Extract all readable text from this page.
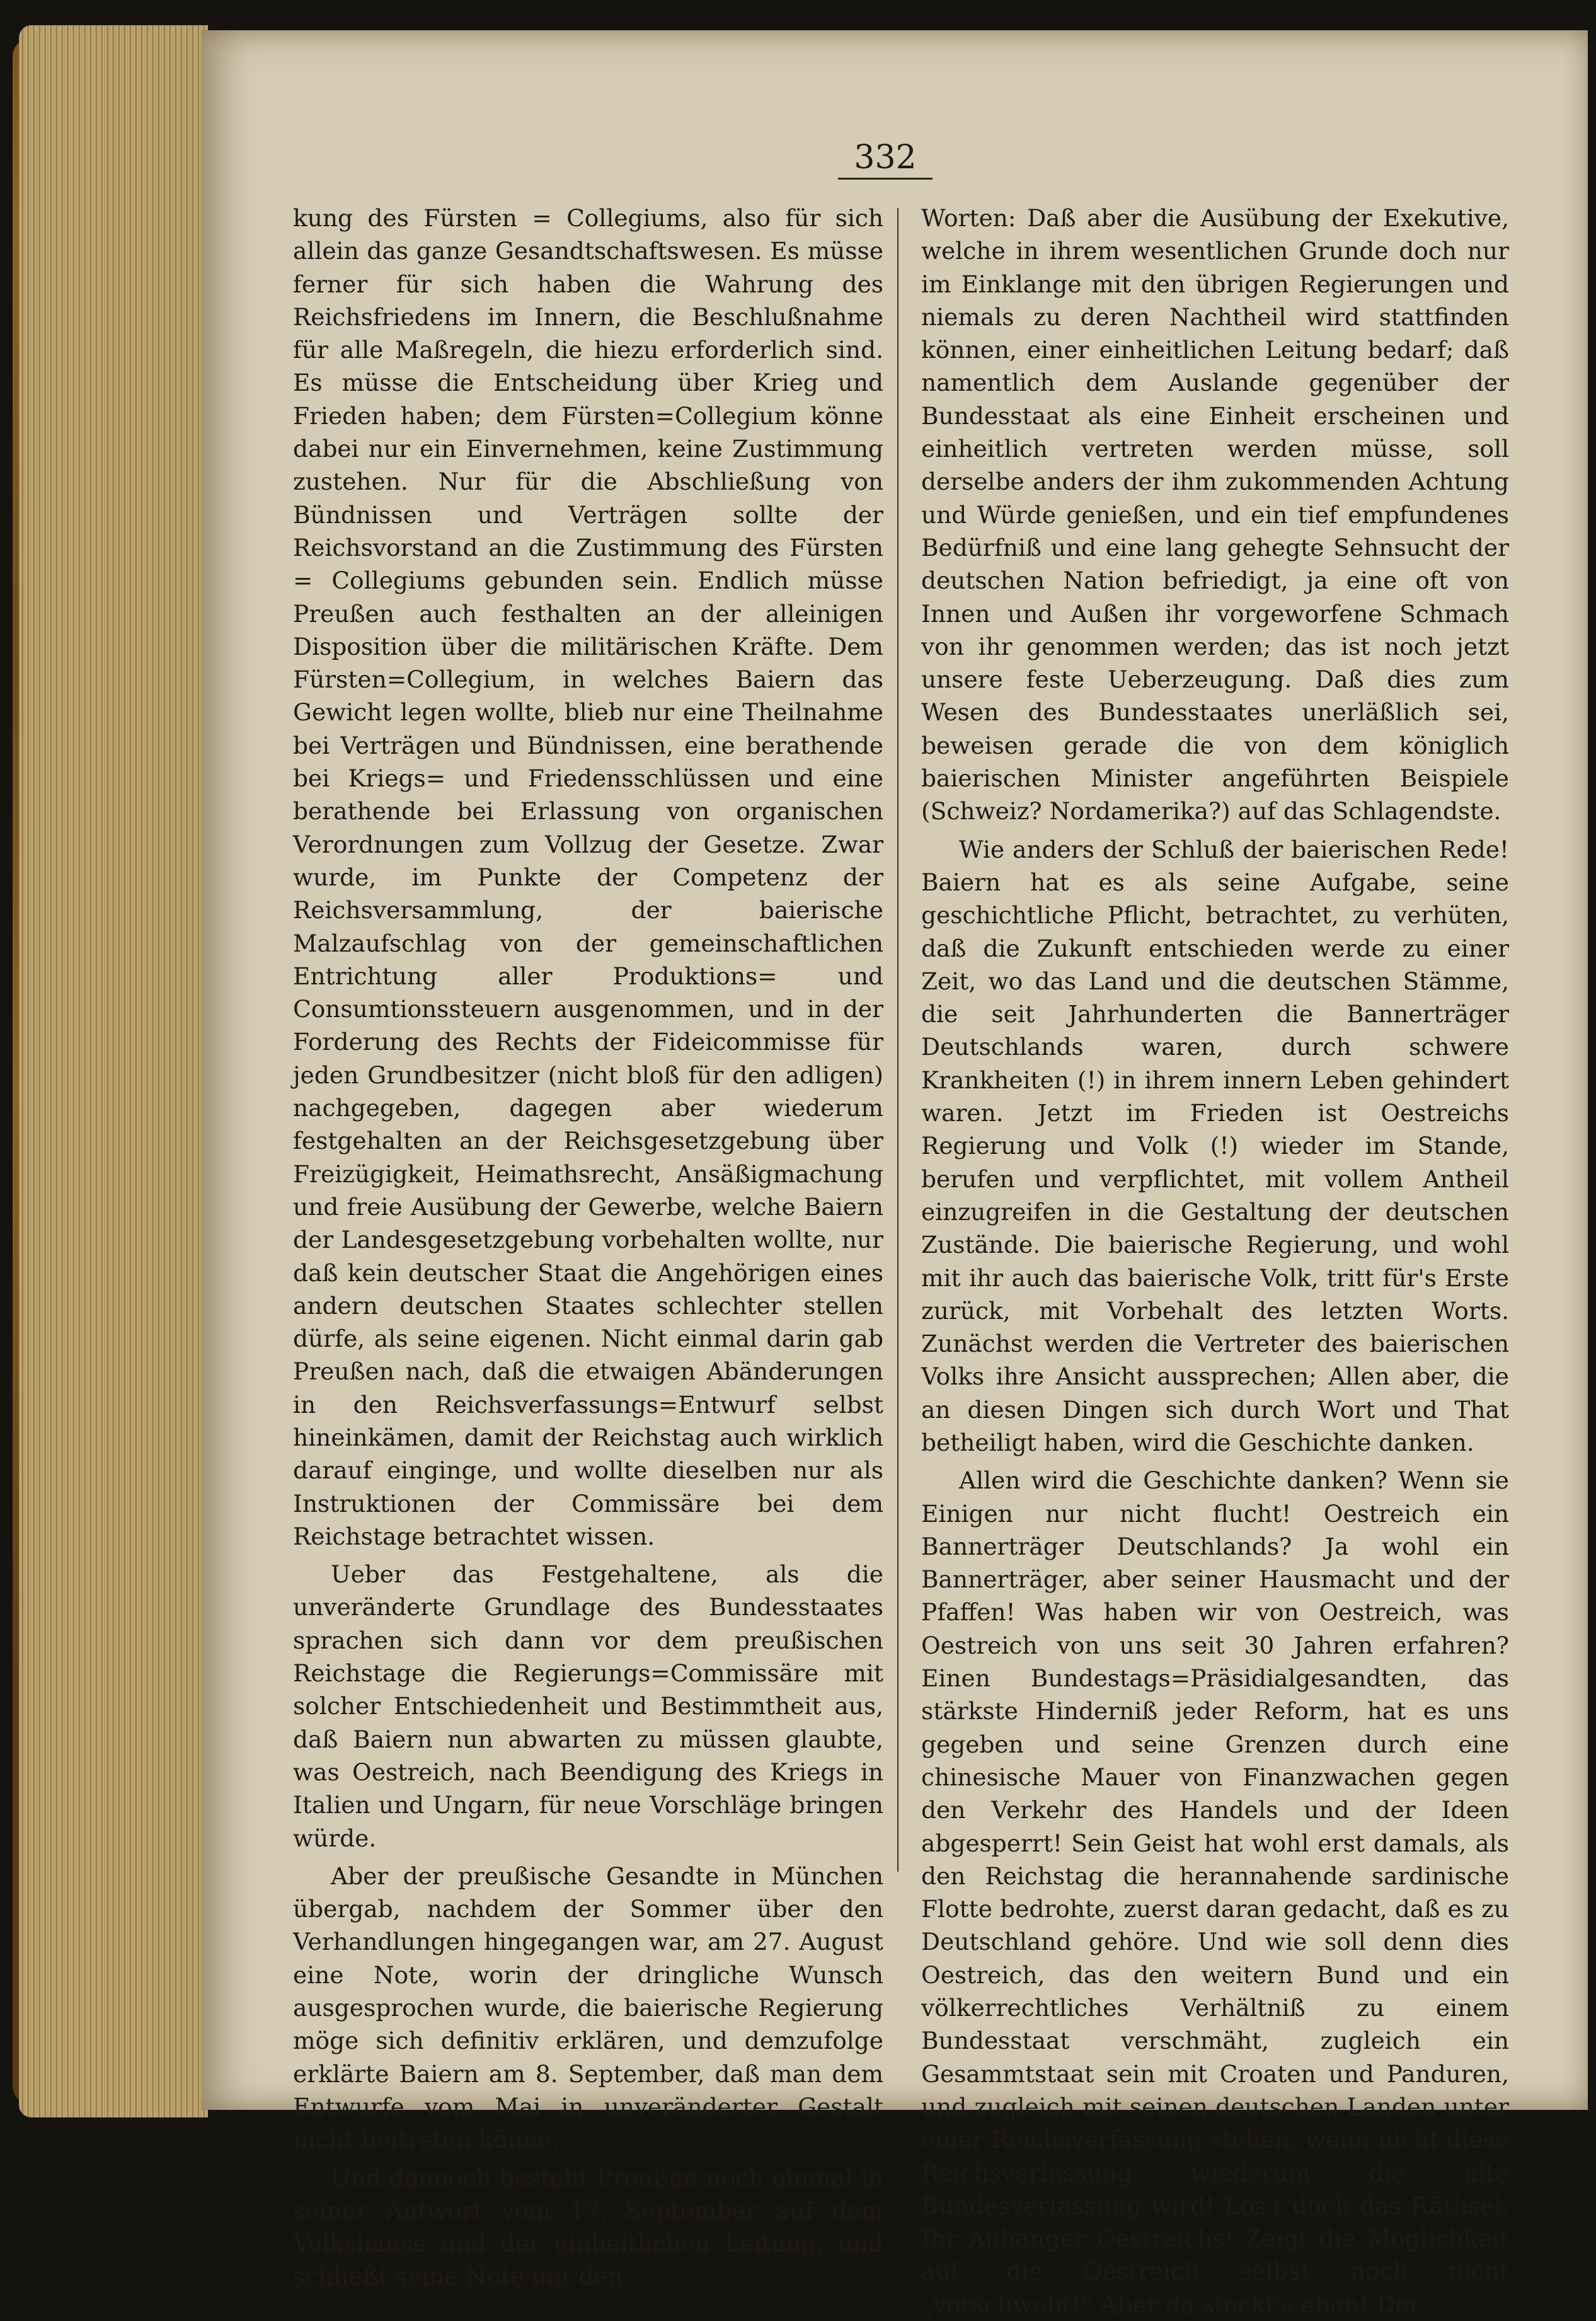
332

kung des Fürsten = Collegiums, also für sich allein das ganze Gesandtschaftswesen. Es müsse ferner für sich haben die Wahrung des Reichsfriedens im Innern, die Beschlußnahme für alle Maßregeln, die hiezu erforderlich sind. Es müsse die Entscheidung über Krieg und Frieden haben; dem Fürsten=Collegium könne dabei nur ein Einvernehmen, keine Zustimmung zustehen. Nur für die Abschließung von Bündnissen und Verträgen sollte der Reichsvorstand an die Zustimmung des Fürsten = Collegiums gebunden sein. Endlich müsse Preußen auch festhalten an der alleinigen Disposition über die militärischen Kräfte. Dem Fürsten=Collegium, in welches Baiern das Gewicht legen wollte, blieb nur eine Theilnahme bei Verträgen und Bündnissen, eine berathende bei Kriegs= und Friedensschlüssen und eine berathende bei Erlassung von organischen Verordnungen zum Vollzug der Gesetze. Zwar wurde, im Punkte der Competenz der Reichsversammlung, der baierische Malzaufschlag von der gemeinschaftlichen Entrichtung aller Produktions= und Consumtionssteuern ausgenommen, und in der Forderung des Rechts der Fideicommisse für jeden Grundbesitzer (nicht bloß für den adligen) nachgegeben, dagegen aber wiederum festgehalten an der Reichsgesetzgebung über Freizügigkeit, Heimathsrecht, Ansäßigmachung und freie Ausübung der Gewerbe, welche Baiern der Landesgesetzgebung vorbehalten wollte, nur daß kein deutscher Staat die Angehörigen eines andern deutschen Staates schlechter stellen dürfe, als seine eigenen. Nicht einmal darin gab Preußen nach, daß die etwaigen Abänderungen in den Reichsverfassungs=Entwurf selbst hineinkämen, damit der Reichstag auch wirklich darauf einginge, und wollte dieselben nur als Instruktionen der Commissäre bei dem Reichstage betrachtet wissen.

Ueber das Festgehaltene, als die unveränderte Grundlage des Bundesstaates sprachen sich dann vor dem preußischen Reichstage die Regierungs=Commissäre mit solcher Entschiedenheit und Bestimmtheit aus, daß Baiern nun abwarten zu müssen glaubte, was Oestreich, nach Beendigung des Kriegs in Italien und Ungarn, für neue Vorschläge bringen würde.

Aber der preußische Gesandte in München übergab, nachdem der Sommer über den Verhandlungen hingegangen war, am 27. August eine Note, worin der dringliche Wunsch ausgesprochen wurde, die baierische Regierung möge sich definitiv erklären, und demzufolge erklärte Baiern am 8. September, daß man dem Entwurfe vom Mai in unveränderter Gestalt nicht beitreten könne.

Und dennoch besteht Preußen noch einmal in seiner Antwort vom 17. September auf dem Volkshause und der einheitlichen Leitung, und schließt seine Note mit den

Worten: Daß aber die Ausübung der Exekutive, welche in ihrem wesentlichen Grunde doch nur im Einklange mit den übrigen Regierungen und niemals zu deren Nachtheil wird stattfinden können, einer einheitlichen Leitung bedarf; daß namentlich dem Auslande gegenüber der Bundesstaat als eine Einheit erscheinen und einheitlich vertreten werden müsse, soll derselbe anders der ihm zukommenden Achtung und Würde genießen, und ein tief empfundenes Bedürfniß und eine lang gehegte Sehnsucht der deutschen Nation befriedigt, ja eine oft von Innen und Außen ihr vorgeworfene Schmach von ihr genommen werden; das ist noch jetzt unsere feste Ueberzeugung. Daß dies zum Wesen des Bundesstaates unerläßlich sei, beweisen gerade die von dem königlich baierischen Minister angeführten Beispiele (Schweiz? Nordamerika?) auf das Schlagendste.

Wie anders der Schluß der baierischen Rede! Baiern hat es als seine Aufgabe, seine geschichtliche Pflicht, betrachtet, zu verhüten, daß die Zukunft entschieden werde zu einer Zeit, wo das Land und die deutschen Stämme, die seit Jahrhunderten die Bannerträger Deutschlands waren, durch schwere Krankheiten (!) in ihrem innern Leben gehindert waren. Jetzt im Frieden ist Oestreichs Regierung und Volk (!) wieder im Stande, berufen und verpflichtet, mit vollem Antheil einzugreifen in die Gestaltung der deutschen Zustände. Die baierische Regierung, und wohl mit ihr auch das baierische Volk, tritt für's Erste zurück, mit Vorbehalt des letzten Worts. Zunächst werden die Vertreter des baierischen Volks ihre Ansicht aussprechen; Allen aber, die an diesen Dingen sich durch Wort und That betheiligt haben, wird die Geschichte danken.

Allen wird die Geschichte danken? Wenn sie Einigen nur nicht flucht! Oestreich ein Bannerträger Deutschlands? Ja wohl ein Bannerträger, aber seiner Hausmacht und der Pfaffen! Was haben wir von Oestreich, was Oestreich von uns seit 30 Jahren erfahren? Einen Bundestags=Präsidialgesandten, das stärkste Hinderniß jeder Reform, hat es uns gegeben und seine Grenzen durch eine chinesische Mauer von Finanzwachen gegen den Verkehr des Handels und der Ideen abgesperrt! Sein Geist hat wohl erst damals, als den Reichstag die herannahende sardinische Flotte bedrohte, zuerst daran gedacht, daß es zu Deutschland gehöre. Und wie soll denn dies Oestreich, das den weitern Bund und ein völkerrechtliches Verhältniß zu einem Bundesstaat verschmäht, zugleich ein Gesammtstaat sein mit Croaten und Panduren, und zugleich mit seinen deutschen Landen unter einer Reichsverfassung stehen, wenn nicht diese Reichsverfassung wiederum die alte Bundesverfassung wird! Lös't doch das Räthsel, Ihr Anhänger Oestreichs! Zeigt die Möglichkeit auf, die Oestreich selbst noch nicht „vorschwebt!“ Aber da steckt's eben! Der
